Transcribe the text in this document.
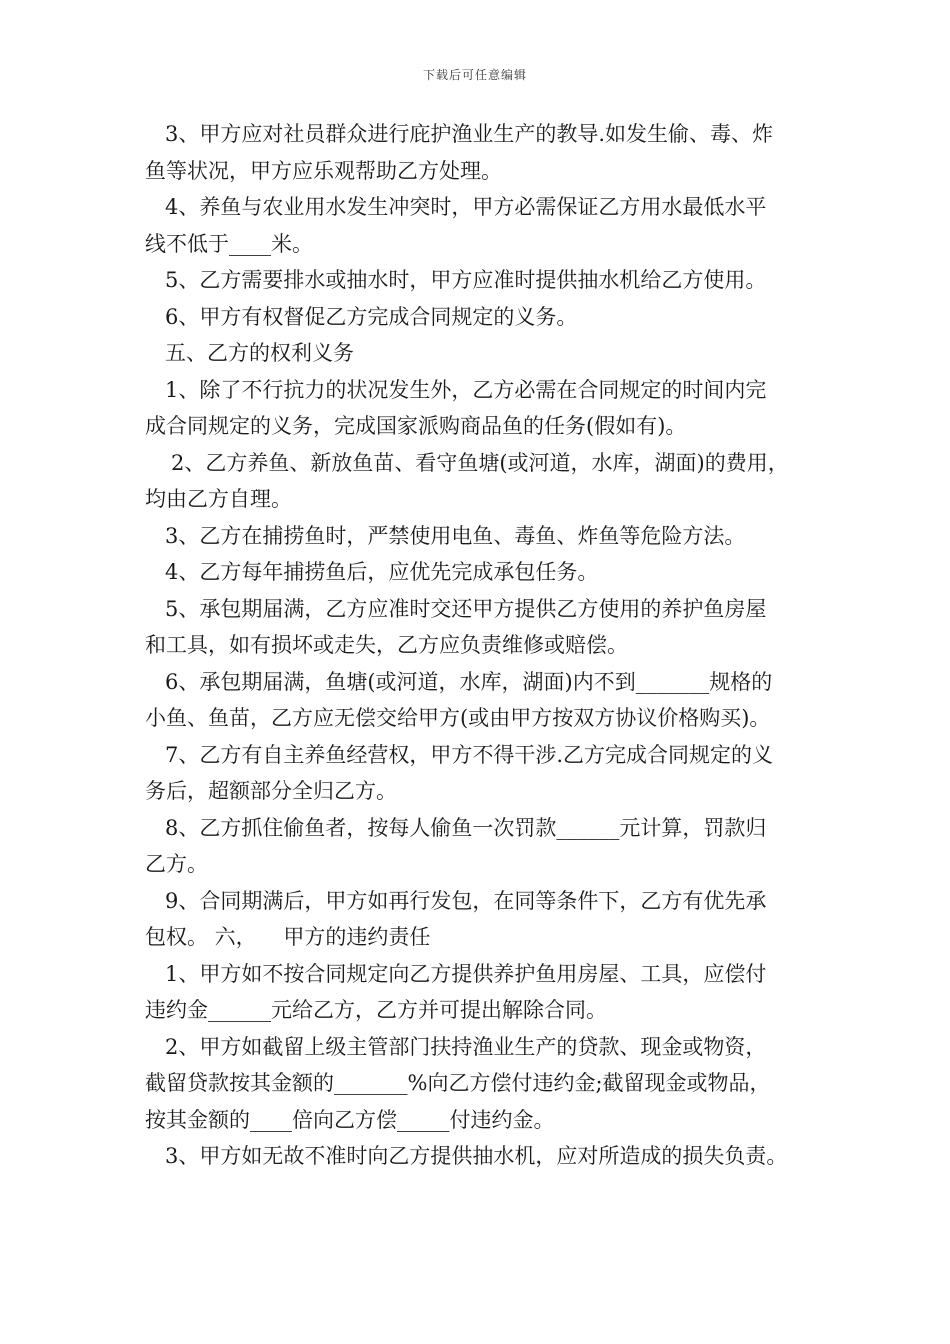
下载后可任意编辑
3、甲方应对社员群众进行庇护渔业生产的教导.如发生偷、毒、炸
鱼等状况，甲方应乐观帮助乙方处理。
4、养鱼与农业用水发生冲突时，甲方必需保证乙方用水最低水平
线不低于____米。
5、乙方需要排水或抽水时，甲方应准时提供抽水机给乙方使用。
6、甲方有权督促乙方完成合同规定的义务。
五、乙方的权利义务
1、除了不行抗力的状况发生外，乙方必需在合同规定的时间内完
成合同规定的义务，完成国家派购商品鱼的任务(假如有)。
2、乙方养鱼、新放鱼苗、看守鱼塘(或河道，水库，湖面)的费用，
均由乙方自理。
3、乙方在捕捞鱼时，严禁使用电鱼、毒鱼、炸鱼等危险方法。
4、乙方每年捕捞鱼后，应优先完成承包任务。
5、承包期届满，乙方应准时交还甲方提供乙方使用的养护鱼房屋
和工具，如有损坏或走失，乙方应负责维修或赔偿。
6、承包期届满，鱼塘(或河道，水库，湖面)内不到_______规格的
小鱼、鱼苗，乙方应无偿交给甲方(或由甲方按双方协议价格购买)。
7、乙方有自主养鱼经营权，甲方不得干涉.乙方完成合同规定的义
务后，超额部分全归乙方。
8、乙方抓住偷鱼者，按每人偷鱼一次罚款______元计算，罚款归
乙方。
9、合同期满后，甲方如再行发包，在同等条件下，乙方有优先承
包权。 六，    甲方的违约责任
1、甲方如不按合同规定向乙方提供养护鱼用房屋、工具，应偿付
违约金______元给乙方，乙方并可提出解除合同。
2、甲方如截留上级主管部门扶持渔业生产的贷款、现金或物资，
截留贷款按其金额的_______%向乙方偿付违约金;截留现金或物品，
按其金额的____倍向乙方偿_____付违约金。
3、甲方如无故不准时向乙方提供抽水机，应对所造成的损失负责。
